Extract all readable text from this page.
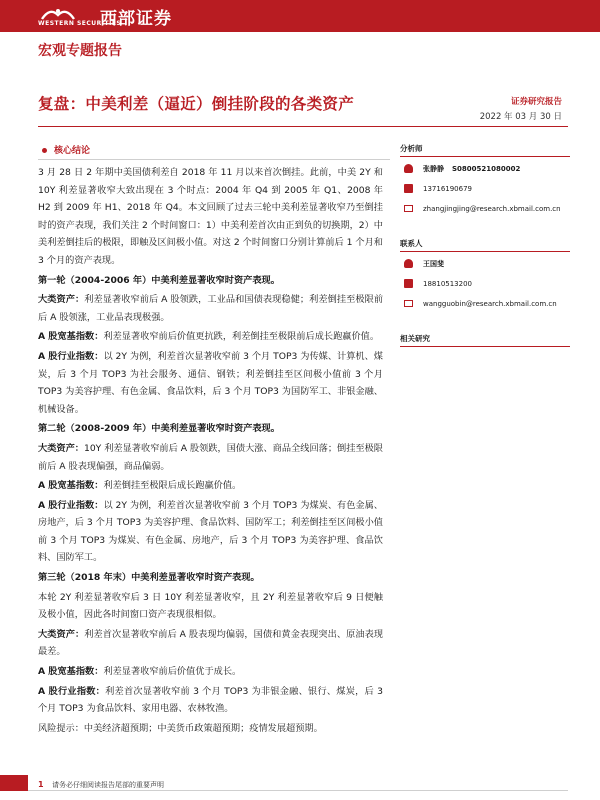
WESTERN SECURITIES
西部证券
宏观专题报告
复盘：中美利差（逼近）倒挂阶段的各类资产	证券研究报告
2022 年 03 月 30 日
核心结论

3 月 28 日 2 年期中美国债利差自 2018 年 11 月以来首次倒挂。此前，中美 2Y 和 10Y 利差显著收窄大致出现在 3 个时点：2004 年 Q4 到 2005 年 Q1、2008 年 H2 到 2009 年 H1、2018 年 Q4。本文回顾了过去三轮中美利差显著收窄乃至倒挂时的资产表现，我们关注 2 个时间窗口：1）中美利差首次由正到负的切换期，2）中美利差倒挂后的极限，即触及区间极小值。对这 2 个时间窗口分别计算前后 1 个月和 3 个月的资产表现。

第一轮（2004-2006 年）中美利差显著收窄时资产表现。

大类资产：利差显著收窄前后 A 股领跌，工业品和国债表现稳健；利差倒挂至极限前后 A 股领涨，工业品表现极强。

A 股宽基指数：利差显著收窄前后价值更抗跌，利差倒挂至极限前后成长跑赢价值。

A 股行业指数：以 2Y 为例，利差首次显著收窄前 3 个月 TOP3 为传媒、计算机、煤炭，后 3 个月 TOP3 为社会服务、通信、钢铁；利差倒挂至区间极小值前 3 个月 TOP3 为美容护理、有色金属、食品饮料，后 3 个月 TOP3 为国防军工、非银金融、机械设备。

第二轮（2008-2009 年）中美利差显著收窄时资产表现。

大类资产：10Y 利差显著收窄前后 A 股领跌，国债大涨、商品全线回落；倒挂至极限前后 A 股表现偏强，商品偏弱。

A 股宽基指数：利差倒挂至极限后成长跑赢价值。

A 股行业指数：以 2Y 为例，利差首次显著收窄前 3 个月 TOP3 为煤炭、有色金属、房地产，后 3 个月 TOP3 为美容护理、食品饮料、国防军工；利差倒挂至区间极小值前 3 个月 TOP3 为煤炭、有色金属、房地产，后 3 个月 TOP3 为美容护理、食品饮料、国防军工。

第三轮（2018 年末）中美利差显著收窄时资产表现。

本轮 2Y 利差显著收窄后 3 日 10Y 利差显著收窄，且 2Y 利差显著收窄后 9 日便触及极小值，因此各时间窗口资产表现很相似。

大类资产：利差首次显著收窄前后 A 股表现均偏弱，国债和黄金表现突出、原油表现最差。

A 股宽基指数：利差显著收窄前后价值优于成长。

A 股行业指数：利差首次显著收窄前 3 个月 TOP3 为非银金融、银行、煤炭，后 3 个月 TOP3 为食品饮料、家用电器、农林牧渔。

风险提示：中美经济超预期；中美货币政策超预期；疫情发展超预期。

分析师
张静静 S0800521080002
13716190679
zhangjingjing@research.xbmail.com.cn
联系人
王国斐
18810513200
wangguobin@research.xbmail.com.cn
相关研究
1 请务必仔细阅读报告尾部的重要声明
